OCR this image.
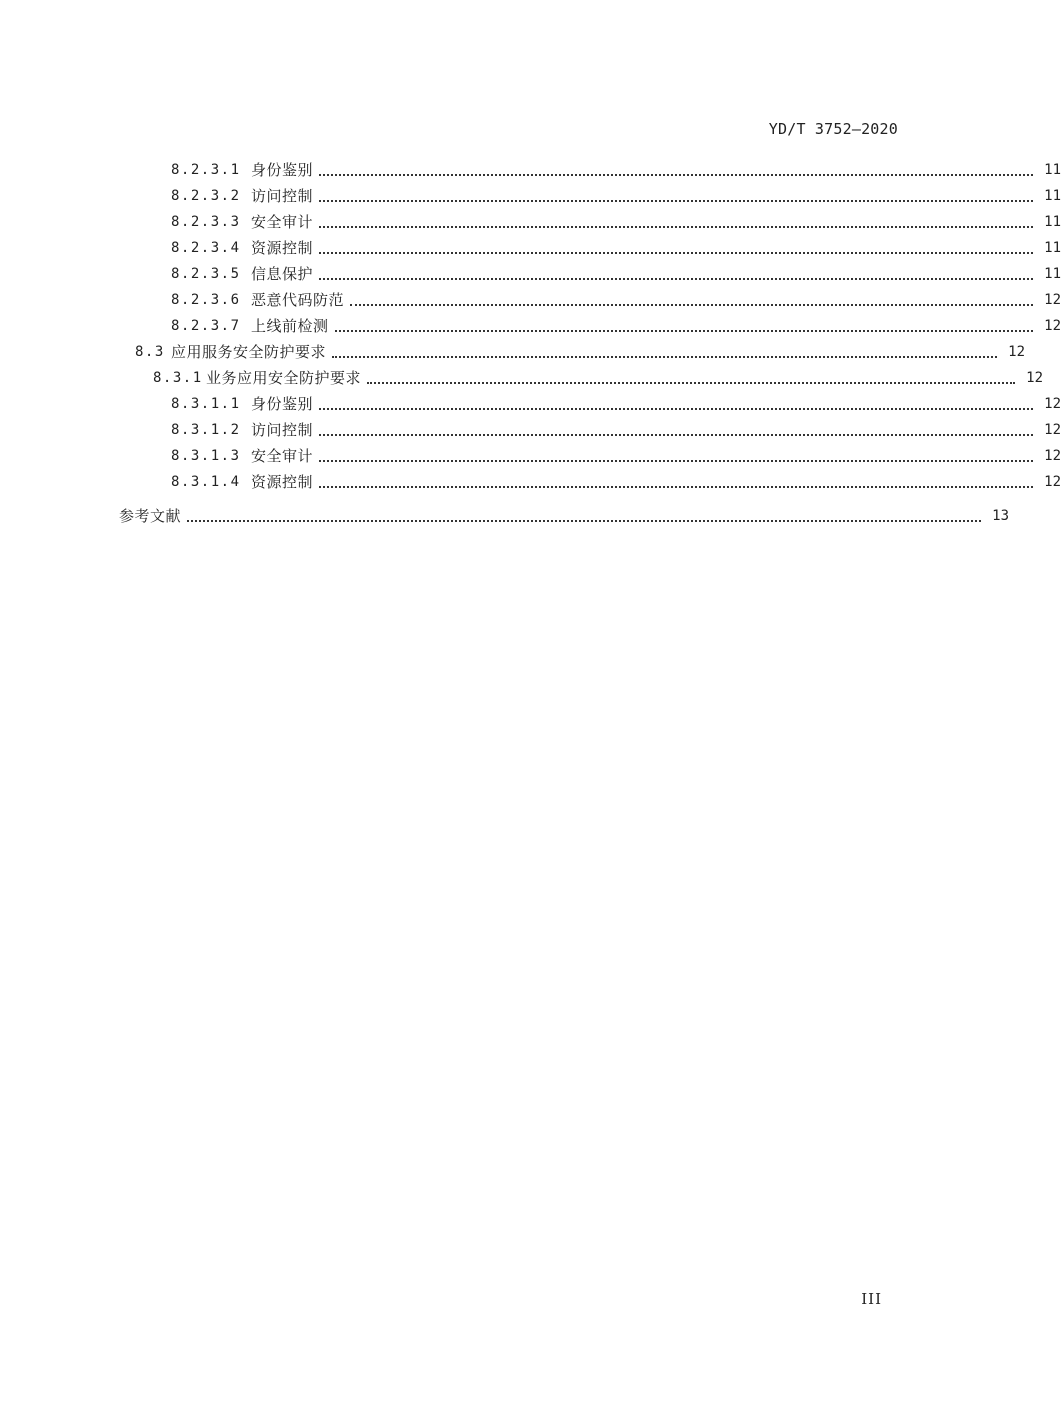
YD/T 3752—2020
8.2.3.1 身份鉴别	11
8.2.3.2 访问控制	11
8.2.3.3 安全审计	11
8.2.3.4 资源控制	11
8.2.3.5 信息保护	11
8.2.3.6 恶意代码防范	12
8.2.3.7 上线前检测	12
8.3 应用服务安全防护要求	12
8.3.1 业务应用安全防护要求	12
8.3.1.1 身份鉴别	12
8.3.1.2 访问控制	12
8.3.1.3 安全审计	12
8.3.1.4 资源控制	12
参考文献	13
III
